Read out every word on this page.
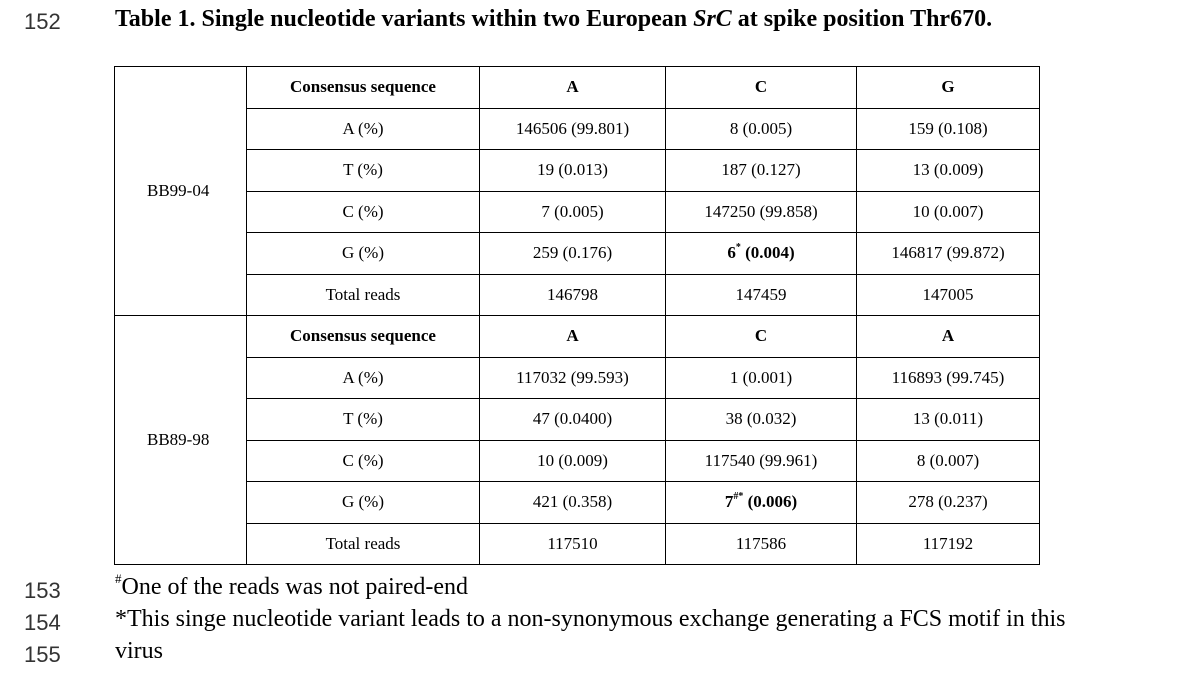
152 Table 1. Single nucleotide variants within two European SrC at spike position Thr670.
BB99-04	Consensus sequence	A	C	G
	A (%)	146506 (99.801)	8 (0.005)	159 (0.108)
	T (%)	19 (0.013)	187 (0.127)	13 (0.009)
	C (%)	7 (0.005)	147250 (99.858)	10 (0.007)
	G (%)	259 (0.176)	6* (0.004)	146817 (99.872)
	Total reads	146798	147459	147005
BB89-98	Consensus sequence	A	C	A
	A (%)	117032 (99.593)	1 (0.001)	116893 (99.745)
	T (%)	47 (0.0400)	38 (0.032)	13 (0.011)
	C (%)	10 (0.009)	117540 (99.961)	8 (0.007)
	G (%)	421 (0.358)	7#* (0.006)	278 (0.237)
	Total reads	117510	117586	117192
153
154
155
#One of the reads was not paired-end
*This singe nucleotide variant leads to a non-synonymous exchange generating a FCS motif in this
virus
